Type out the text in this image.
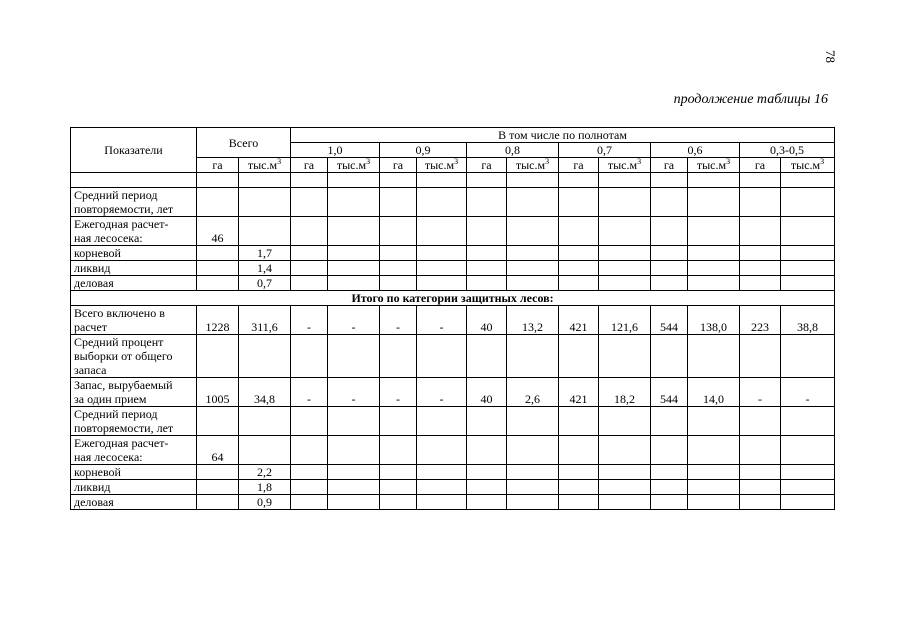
78
продолжение таблицы 16
Показатели	Всего		В том числе по полнотам											
			1,0		0,9		0,8		0,7		0,6		0,3-0,5	
	га	$тыс.м^3$	га	$тыс.м^3$	га	$тыс.м^3$	га	$тыс.м^3$	га	$тыс.м^3$	га	$тыс.м^3$	га	$тыс.м^3$

Средний период
повторяемости, лет														
Ежегодная расчет-
ная лесосека:	46													
корневой		1,7												
ликвид		1,4												
деловая		0,7												
Итого по категории защитных лесов:														
Всего включено в
расчет	1228	311,6	-	-	-	-	40	13,2	421	121,6	544	138,0	223	38,8
Средний процент
выборки от общего
запаса														
Запас, вырубаемый
за один прием	1005	34,8	-	-	-	-	40	2,6	421	18,2	544	14,0	-	-
Средний период
повторяемости, лет														
Ежегодная расчет-
ная лесосека:	64													
корневой		2,2												
ликвид		1,8												
деловая		0,9												
